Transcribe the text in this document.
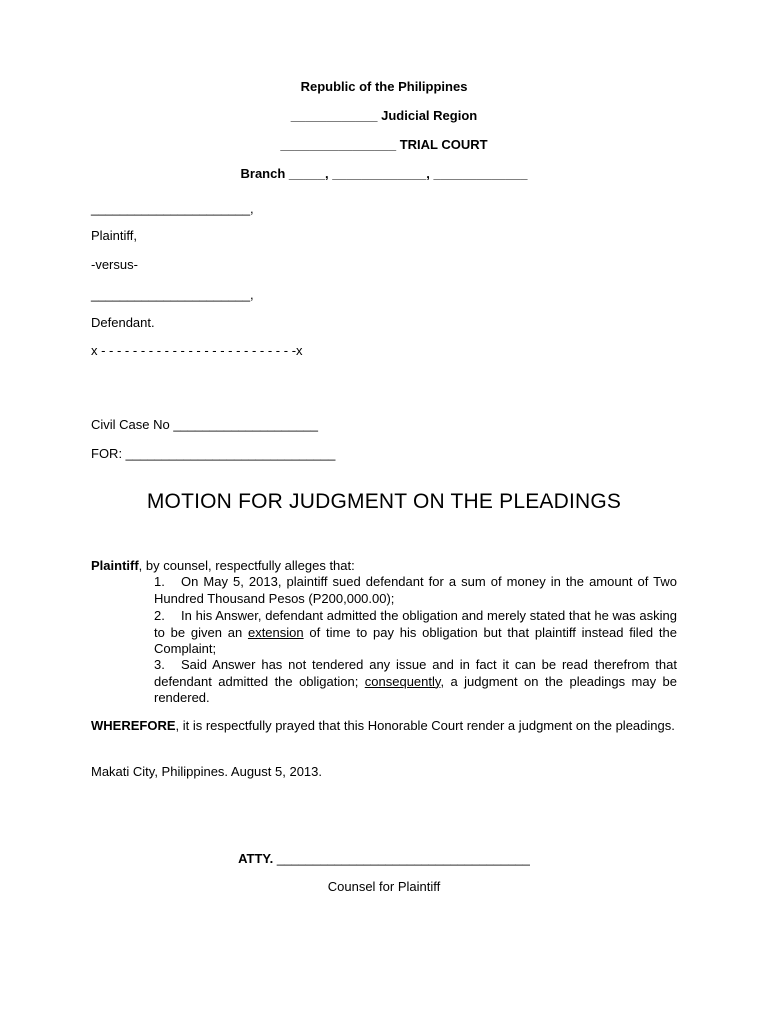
Republic of the Philippines
____________ Judicial Region
________________ TRIAL COURT
Branch _____, _____________, _____________
______________________,
Plaintiff,
-versus-
______________________,
Defendant.
x - - - - - - - - - - - - - - - - - - - - - - - - -x
Civil Case No ____________________
FOR: _____________________________
MOTION FOR JUDGMENT ON THE PLEADINGS
Plaintiff, by counsel, respectfully alleges that:
1. On May 5, 2013, plaintiff sued defendant for a sum of money in the amount of Two Hundred Thousand Pesos (P200,000.00);
2. In his Answer, defendant admitted the obligation and merely stated that he was asking to be given an extension of time to pay his obligation but that plaintiff instead filed the Complaint;
3. Said Answer has not tendered any issue and in fact it can be read therefrom that defendant admitted the obligation; consequently, a judgment on the pleadings may be rendered.
WHEREFORE, it is respectfully prayed that this Honorable Court render a judgment on the pleadings.
Makati City, Philippines. August 5, 2013.
ATTY. ___________________________________
Counsel for Plaintiff
